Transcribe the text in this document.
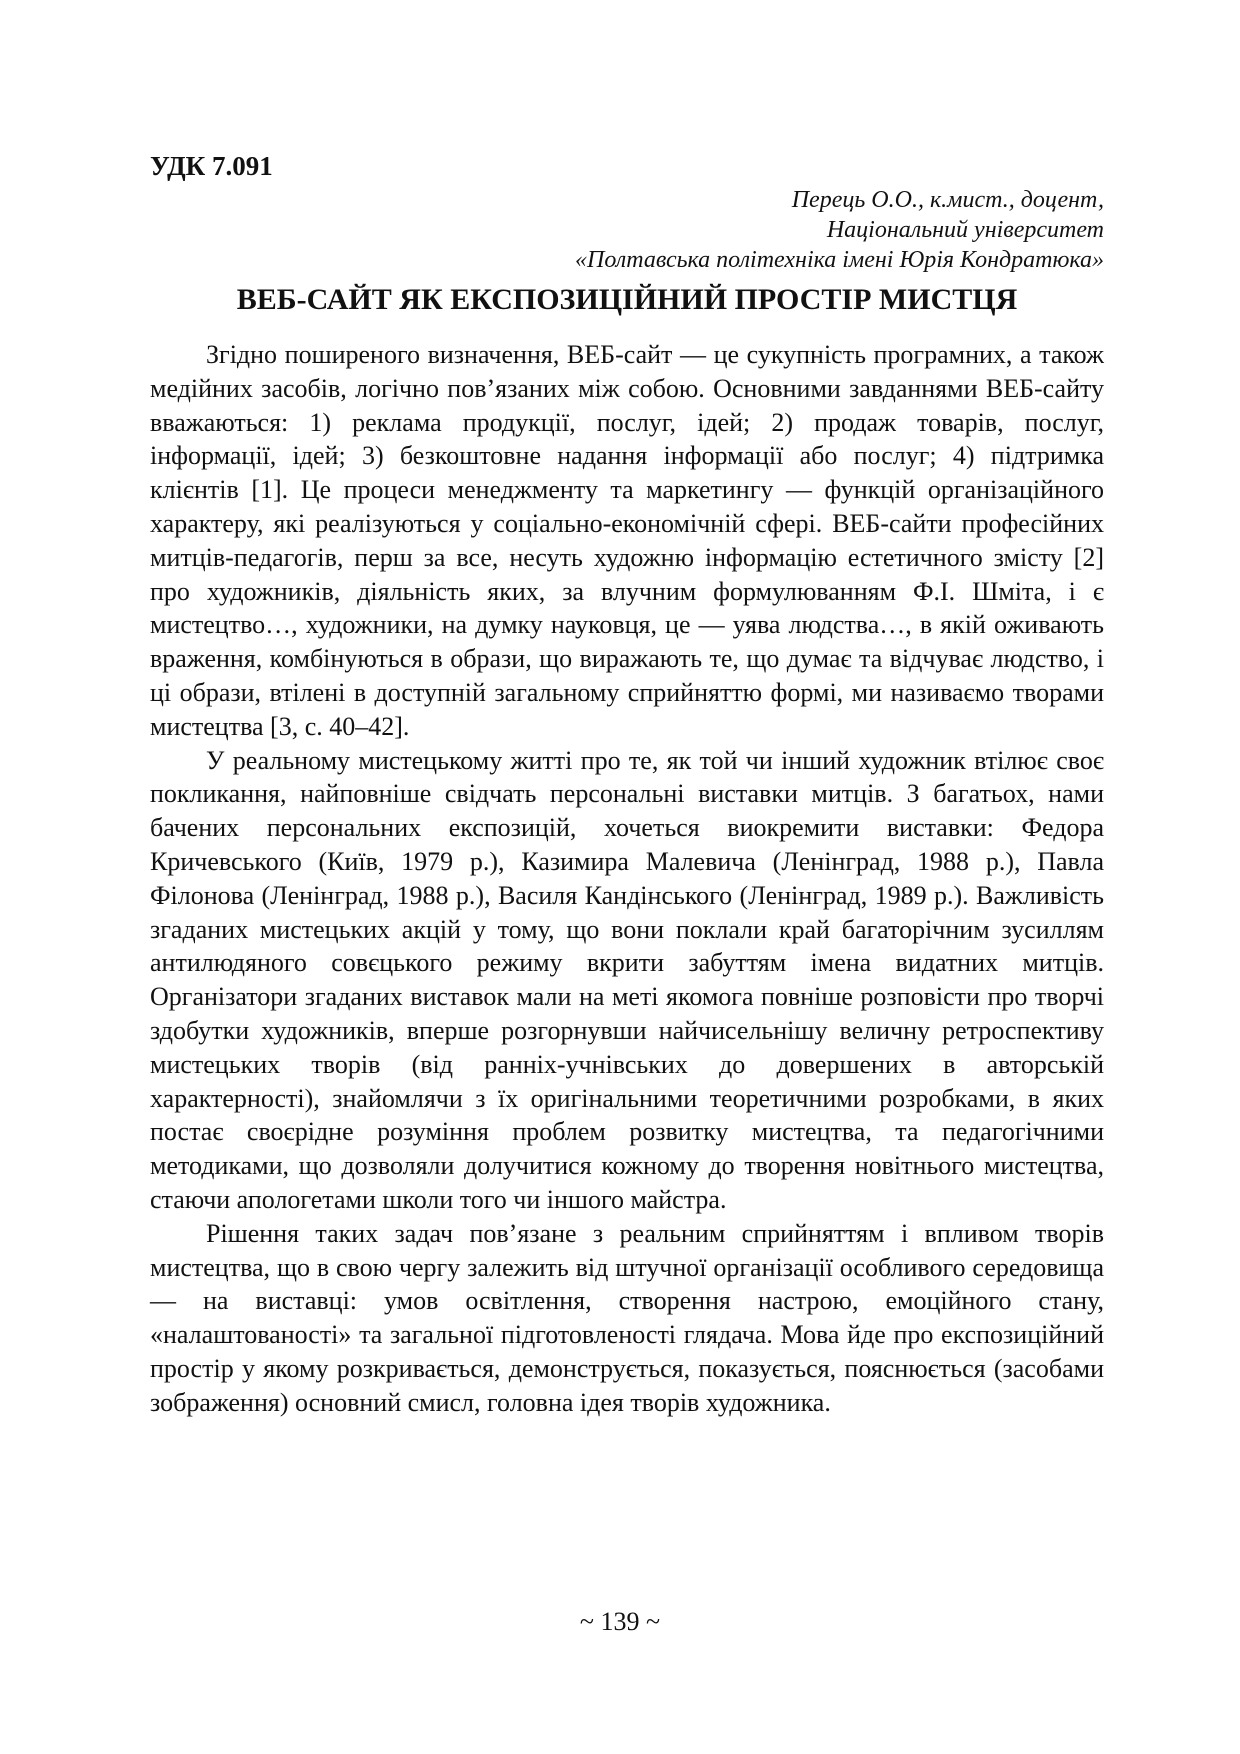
УДК 7.091
Перець О.О., к.мист., доцент,
Національний університет
«Полтавська політехніка імені Юрія Кондратюка»
ВЕБ-САЙТ ЯК ЕКСПОЗИЦІЙНИЙ ПРОСТІР МИСТЦЯ

Згідно поширеного визначення, ВЕБ-сайт — це сукупність програмних, а також медійних засобів, логічно пов’язаних між собою. Основними завданнями ВЕБ-сайту вважаються: 1) реклама продукції, послуг, ідей; 2) продаж товарів, послуг, інформації, ідей; 3) безкоштовне надання інформації або послуг; 4) підтримка клієнтів [1]. Це процеси менеджменту та маркетингу — функцій організаційного характеру, які реалізуються у соціально-економічній сфері. ВЕБ-сайти професійних митців-педагогів, перш за все, несуть художню інформацію естетичного змісту [2] про художників, діяльність яких, за влучним формулюванням Ф.І. Шміта, і є мистецтво…, художники, на думку науковця, це — уява людства…, в якій оживають враження, комбінуються в образи, що виражають те, що думає та відчуває людство, і ці образи, втілені в доступній загальному сприйняттю формі, ми називаємо творами мистецтва [3, с. 40–42].

У реальному мистецькому житті про те, як той чи інший художник втілює своє покликання, найповніше свідчать персональні виставки митців. З багатьох, нами бачених персональних експозицій, хочеться виокремити виставки: Федора Кричевського (Київ, 1979 р.), Казимира Малевича (Ленінград, 1988 р.), Павла Філонова (Ленінград, 1988 р.), Василя Кандінського (Ленінград, 1989 р.). Важливість згаданих мистецьких акцій у тому, що вони поклали край багаторічним зусиллям антилюдяного совєцького режиму вкрити забуттям імена видатних митців. Організатори згаданих виставок мали на меті якомога повніше розповісти про творчі здобутки художників, вперше розгорнувши найчисельнішу величну ретроспективу мистецьких творів (від ранніх-учнівських до довершених в авторській характерності), знайомлячи з їх оригінальними теоретичними розробками, в яких постає своєрідне розуміння проблем розвитку мистецтва, та педагогічними методиками, що дозволяли долучитися кожному до творення новітнього мистецтва, стаючи апологетами школи того чи іншого майстра.

Рішення таких задач пов’язане з реальним сприйняттям і впливом творів мистецтва, що в свою чергу залежить від штучної організації особливого середовища — на виставці: умов освітлення, створення настрою, емоційного стану, «налаштованості» та загальної підготовленості глядача. Мова йде про експозиційний простір у якому розкривається, демонструється, показується, пояснюється (засобами зображення) основний смисл, головна ідея творів художника.

~ 139 ~
